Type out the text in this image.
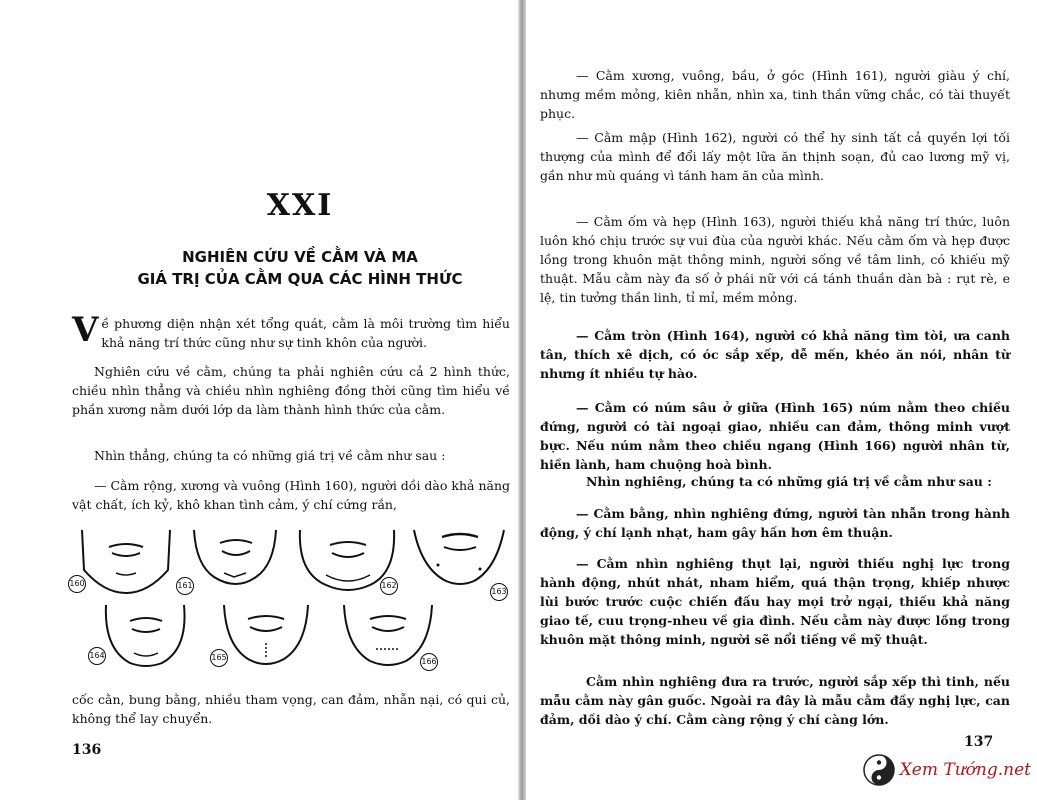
XXI
NGHIÊN CỨU VỀ CẰM VÀ MA
GIÁ TRỊ CỦA CẰM QUA CÁC HÌNH THỨC

V ề phương diện nhận xét tổng quát, cằm là môi trường tìm hiểu khả năng trí thức cũng như sự tinh khôn của người.

Nghiên cứu về cằm, chúng ta phải nghiên cứu cả 2 hình thức, chiều nhìn thẳng và chiều nhìn nghiêng đồng thời cũng tìm hiểu về phần xương nằm dưới lớp da làm thành hình thức của cằm.

Nhìn thẳng, chúng ta có những giá trị về cằm như sau :

— Cằm rộng, xương và vuông (Hình 160), người dồi dào khả năng vật chất, ích kỷ, khô khan tình cảm, ý chí cứng rắn,

160	161	162
163
164	165	166

cốc cằn, bung bằng, nhiều tham vọng, can đảm, nhẫn nại, có qui củ, không thể lay chuyển.

136

— Cằm xương, vuông, bầu, ở góc (Hình 161), người giàu ý chí, nhưng mềm mỏng, kiên nhẫn, nhìn xa, tinh thần vững chắc, có tài thuyết phục.

— Cằm mập (Hình 162), người có thể hy sinh tất cả quyền lợi tối thượng của mình để đổi lấy một lữa ăn thịnh soạn, đủ cao lương mỹ vị, gần như mù quáng vì tánh ham ăn của mình.

— Cằm ốm và hẹp (Hình 163), người thiếu khả năng trí thức, luôn luôn khó chịu trước sự vui đùa của người khác. Nếu cằm ốm và hẹp được lồng trong khuôn mặt thông minh, người sống về tâm linh, có khiếu mỹ thuật. Mẫu cằm này đa số ở phái nữ với cá tánh thuần dàn bà : rụt rè, e lệ, tin tưởng thần linh, tỉ mỉ, mềm mỏng.

— Cằm tròn (Hình 164), người có khả năng tìm tòi, ưa canh tân, thích xê dịch, có óc sắp xếp, dễ mến, khéo ăn nói, nhân từ nhưng ít nhiều tự hào.

— Cằm có núm sâu ở giữa (Hình 165) núm nằm theo chiều đứng, người có tài ngoại giao, nhiều can đảm, thông minh vượt bực. Nếu núm nằm theo chiều ngang (Hình 166) người nhân từ, hiền lành, ham chuộng hoà bình.

Nhìn nghiêng, chúng ta có những giá trị về cằm như sau :

— Cằm bằng, nhìn nghiêng đứng, người tàn nhẫn trong hành động, ý chí lạnh nhạt, ham gây hấn hơn êm thuận.

— Cằm nhìn nghiêng thụt lại, người thiếu nghị lực trong hành động, nhút nhát, nham hiểm, quá thận trọng, khiếp nhược lùi bước trước cuộc chiến đấu hay mọi trở ngại, thiếu khả năng giao tế, cuu trọng-nheu về gia đình. Nếu cằm này được lồng trong khuôn mặt thông minh, người sẽ nổi tiếng về mỹ thuật.

Cằm nhìn nghiêng đưa ra trước, người sắp xếp thì tinh, nếu mẫu cằm này gân guốc. Ngoài ra đây là mẫu cằm đầy nghị lực, can đảm, dồi dào ý chí. Cằm càng rộng ý chí càng lớn.

137
Xem Tướng.net
